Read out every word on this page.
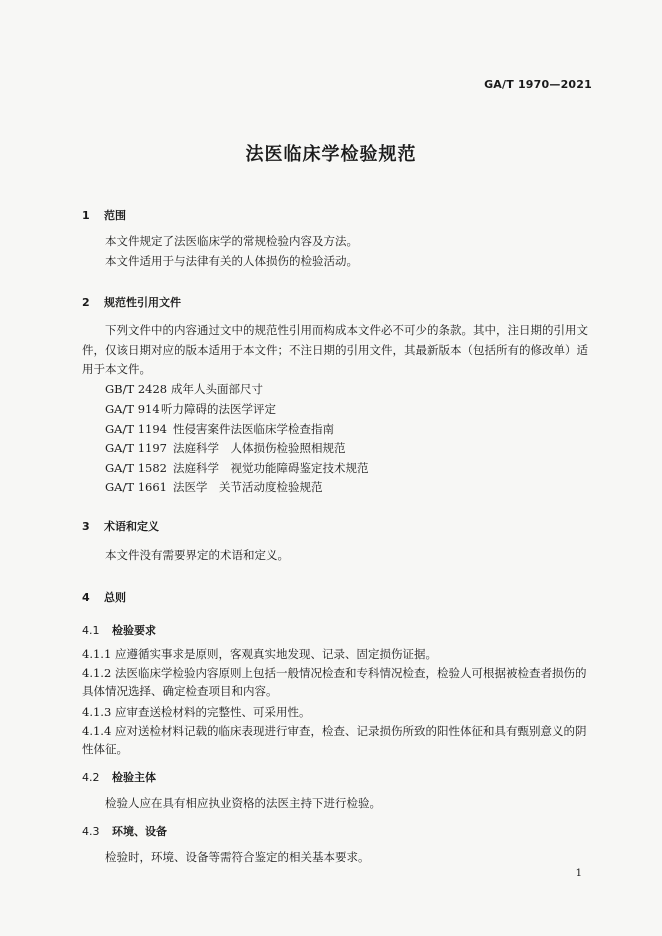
GA/T 1970—2021
法医临床学检验规范
1 范围
本文件规定了法医临床学的常规检验内容及方法。
本文件适用于与法律有关的人体损伤的检验活动。
2 规范性引用文件
下列文件中的内容通过文中的规范性引用而构成本文件必不可少的条款。其中，注日期的引用文件，仅该日期对应的版本适用于本文件；不注日期的引用文件，其最新版本（包括所有的修改单）适用于本文件。
GB/T 2428 成年人头面部尺寸
GA/T 914听力障碍的法医学评定
GA/T 1194 性侵害案件法医临床学检查指南
GA/T 1197 法庭科学　人体损伤检验照相规范
GA/T 1582 法庭科学　视觉功能障碍鉴定技术规范
GA/T 1661 法医学　关节活动度检验规范
3 术语和定义
本文件没有需要界定的术语和定义。
4 总则
4.1 检验要求
4.1.1 应遵循实事求是原则，客观真实地发现、记录、固定损伤证据。
4.1.2 法医临床学检验内容原则上包括一般情况检查和专科情况检查，检验人可根据被检查者损伤的具体情况选择、确定检查项目和内容。
4.1.3 应审查送检材料的完整性、可采用性。
4.1.4 应对送检材料记载的临床表现进行审查，检查、记录损伤所致的阳性体征和具有甄别意义的阴性体征。
4.2 检验主体
检验人应在具有相应执业资格的法医主持下进行检验。
4.3 环境、设备
检验时，环境、设备等需符合鉴定的相关基本要求。
1
